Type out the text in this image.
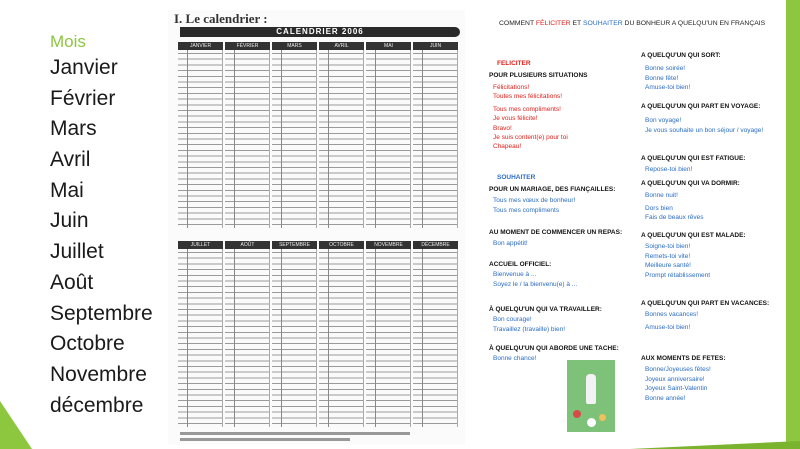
Mois
Janvier
Février
Mars
Avril
Mai
Juin
Juillet
Août
Septembre
Octobre
Novembre
décembre
I. Le calendrier :
CALENDRIER 2006
JANVIER	FÉVRIER	MARS	AVRIL	MAI	JUIN
JUILLET	AOÛT	SEPTEMBRE	OCTOBRE	NOVEMBRE	DÉCEMBRE
COMMENT FÉLICITER ET SOUHAITER DU BONHEUR A QUELQU'UN EN FRANÇAIS
FELICITER
POUR PLUSIEURS SITUATIONS
Félicitations!
Toutes mes félicitations!
Tous mes compliments!
Je vous félicite!
Bravo!
Je suis content(e) pour toi
Chapeau!
SOUHAITER
POUR UN MARIAGE, DES FIANÇAILLES:
Tous mes vœux de bonheur!
Tous mes compliments
AU MOMENT DE COMMENCER UN REPAS:
Bon appétit!
ACCUEIL OFFICIEL:
Bienvenue à ...
Soyez le / la bienvenu(e) à ...
À QUELQU'UN QUI VA TRAVAILLER:
Bon courage!
Travaillez (travaille) bien!
À QUELQU'UN QUI ABORDE UNE TACHE:
Bonne chance!
A QUELQU'UN QUI SORT:
Bonne soirée!
Bonne fête!
Amuse-toi bien!
A QUELQU'UN QUI PART EN VOYAGE:
Bon voyage!
Je vous souhaite un bon séjour / voyage!
A QUELQU'UN QUI EST FATIGUE:
Repose-toi bien!
A QUELQU'UN QUI VA DORMIR:
Bonne nuit!
Dors bien
Fais de beaux rêves
A QUELQU'UN QUI EST MALADE:
Soigne-toi bien!
Remets-toi vite!
Meilleure santé!
Prompt rétablissement
A QUELQU'UN QUI PART EN VACANCES:
Bonnes vacances!
Amuse-toi bien!
AUX MOMENTS DE FETES:
Bonne/Joyeuses fêtes!
Joyeux anniversaire!
Joyeux Saint-Valentin
Bonne année!
